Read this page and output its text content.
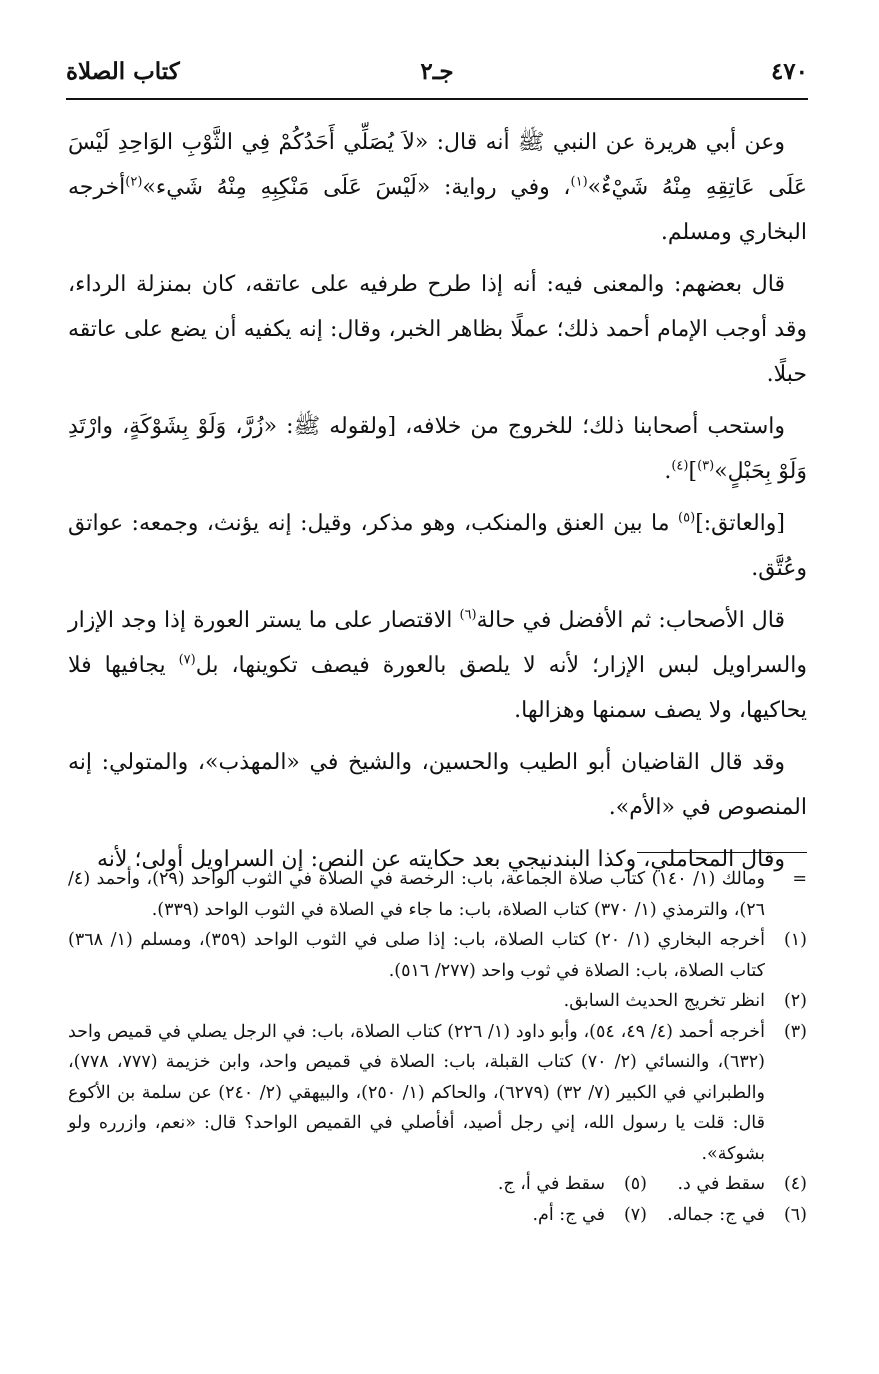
٤٧٠
جـ٢
كتاب الصلاة

وعن أبي هريرة عن النبي ﷺ أنه قال: «لاَ يُصَلِّي أَحَدُكُمْ فِي الثَّوْبِ الوَاحِدِ لَيْسَ عَلَى عَاتِقِهِ مِنْهُ شَيْءٌ»$^{(١)}$، وفي رواية: «لَيْسَ عَلَى مَنْكِبِهِ مِنْهُ شَيء»$^{(٢)}$أخرجه البخاري ومسلم.

قال بعضهم: والمعنى فيه: أنه إذا طرح طرفيه على عاتقه، كان بمنزلة الرداء، وقد أوجب الإمام أحمد ذلك؛ عملًا بظاهر الخبر، وقال: إنه يكفيه أن يضع على عاتقه حبلًا.

واستحب أصحابنا ذلك؛ للخروج من خلافه، [ولقوله ﷺ: «زُرَّ، وَلَوْ بِشَوْكَةٍ، وارْتَدِ وَلَوْ بِحَبْلٍ»$^{(٣)}$]$^{(٤)}$.

[والعاتق:]$^{(٥)}$ ما بين العنق والمنكب، وهو مذكر، وقيل: إنه يؤنث، وجمعه: عواتق وعُتَّق.

قال الأصحاب: ثم الأفضل في حالة$^{(٦)}$ الاقتصار على ما يستر العورة إذا وجد الإزار والسراويل لبس الإزار؛ لأنه لا يلصق بالعورة فيصف تكوينها، بل$^{(٧)}$ يجافيها فلا يحاكيها، ولا يصف سمنها وهزالها.

وقد قال القاضيان أبو الطيب والحسين، والشيخ في «المهذب»، والمتولي: إنه المنصوص في «الأم».

وقال المحاملي، وكذا البندنيجي بعد حكايته عن النص: إن السراويل أولى؛ لأنه

=
ومالك (١/ ١٤٠) كتاب صلاة الجماعة، باب: الرخصة في الصلاة في الثوب الواحد (٢٩)، وأحمد (٤/ ٢٦)، والترمذي (١/ ٣٧٠) كتاب الصلاة، باب: ما جاء في الصلاة في الثوب الواحد (٣٣٩).
(١)
أخرجه البخاري (١/ ٢٠) كتاب الصلاة، باب: إذا صلى في الثوب الواحد (٣٥٩)، ومسلم (١/ ٣٦٨) كتاب الصلاة، باب: الصلاة في ثوب واحد (٢٧٧/ ٥١٦).
(٢)
انظر تخريج الحديث السابق.
(٣)
أخرجه أحمد (٤/ ٤٩، ٥٤)، وأبو داود (١/ ٢٢٦) كتاب الصلاة، باب: في الرجل يصلي في قميص واحد (٦٣٢)، والنسائي (٢/ ٧٠) كتاب القبلة، باب: الصلاة في قميص واحد، وابن خزيمة (٧٧٧، ٧٧٨)، والطبراني في الكبير (٧/ ٣٢) (٦٢٧٩)، والحاكم (١/ ٢٥٠)، والبيهقي (٢/ ٢٤٠) عن سلمة بن الأكوع قال: قلت يا رسول الله، إني رجل أصيد، أفأصلي في القميص الواحد؟ قال: «نعم، وازرره ولو بشوكة».
(٤)
سقط في د.
(٥)
سقط في أ، ج.
(٦)
في ج: جماله.
(٧)
في ج: أم.
